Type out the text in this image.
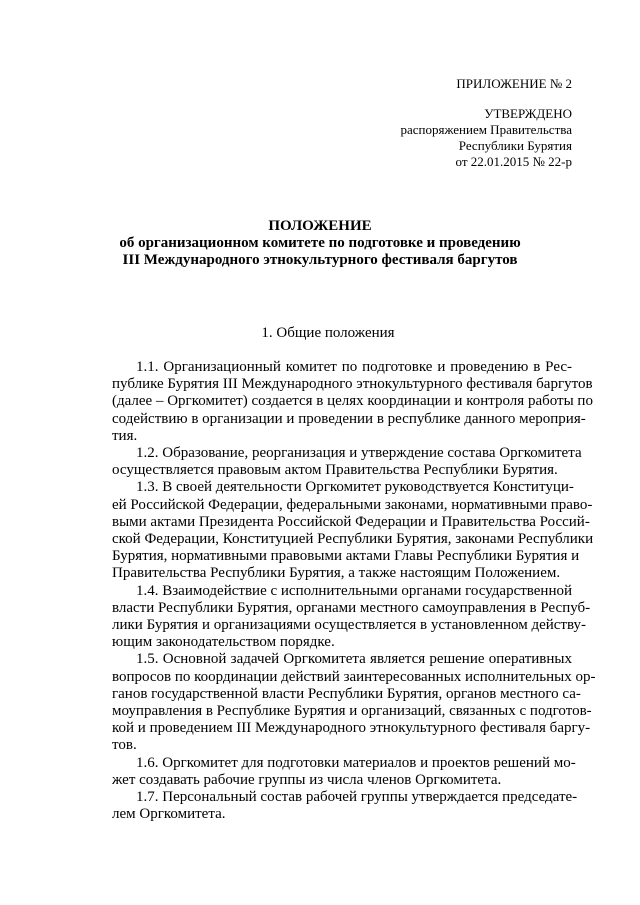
ПРИЛОЖЕНИЕ № 2
УТВЕРЖДЕНО
распоряжением Правительства
Республики Бурятия
от 22.01.2015 № 22-р
ПОЛОЖЕНИЕ
об организационном комитете по подготовке и проведению
III Международного этнокультурного фестиваля баргутов
1. Общие положения

1.1. Организационный комитет по подготовке и проведению в Рес-
публике Бурятия III Международного этнокультурного фестиваля баргутов
(далее – Оргкомитет) создается в целях координации и контроля работы по
содействию в организации и проведении в республике данного мероприя-
тия.

1.2. Образование, реорганизация и утверждение состава Оргкомитета
осуществляется правовым актом Правительства Республики Бурятия.

1.3. В своей деятельности Оргкомитет руководствуется Конституци-
ей Российской Федерации, федеральными законами, нормативными право-
выми актами Президента Российской Федерации и Правительства Россий-
ской Федерации, Конституцией Республики Бурятия, законами Республики
Бурятия, нормативными правовыми актами Главы Республики Бурятия и
Правительства Республики Бурятия, а также настоящим Положением.

1.4. Взаимодействие с исполнительными органами государственной
власти Республики Бурятия, органами местного самоуправления в Респуб-
лики Бурятия и организациями осуществляется в установленном действу-
ющим законодательством порядке.

1.5. Основной задачей Оргкомитета является решение оперативных
вопросов по координации действий заинтересованных исполнительных ор-
ганов государственной власти Республики Бурятия, органов местного са-
моуправления в Республике Бурятия и организаций, связанных с подготов-
кой и проведением III Международного этнокультурного фестиваля баргу-
тов.

1.6. Оргкомитет для подготовки материалов и проектов решений мо-
жет создавать рабочие группы из числа членов Оргкомитета.

1.7. Персональный состав рабочей группы утверждается председате-
лем Оргкомитета.
